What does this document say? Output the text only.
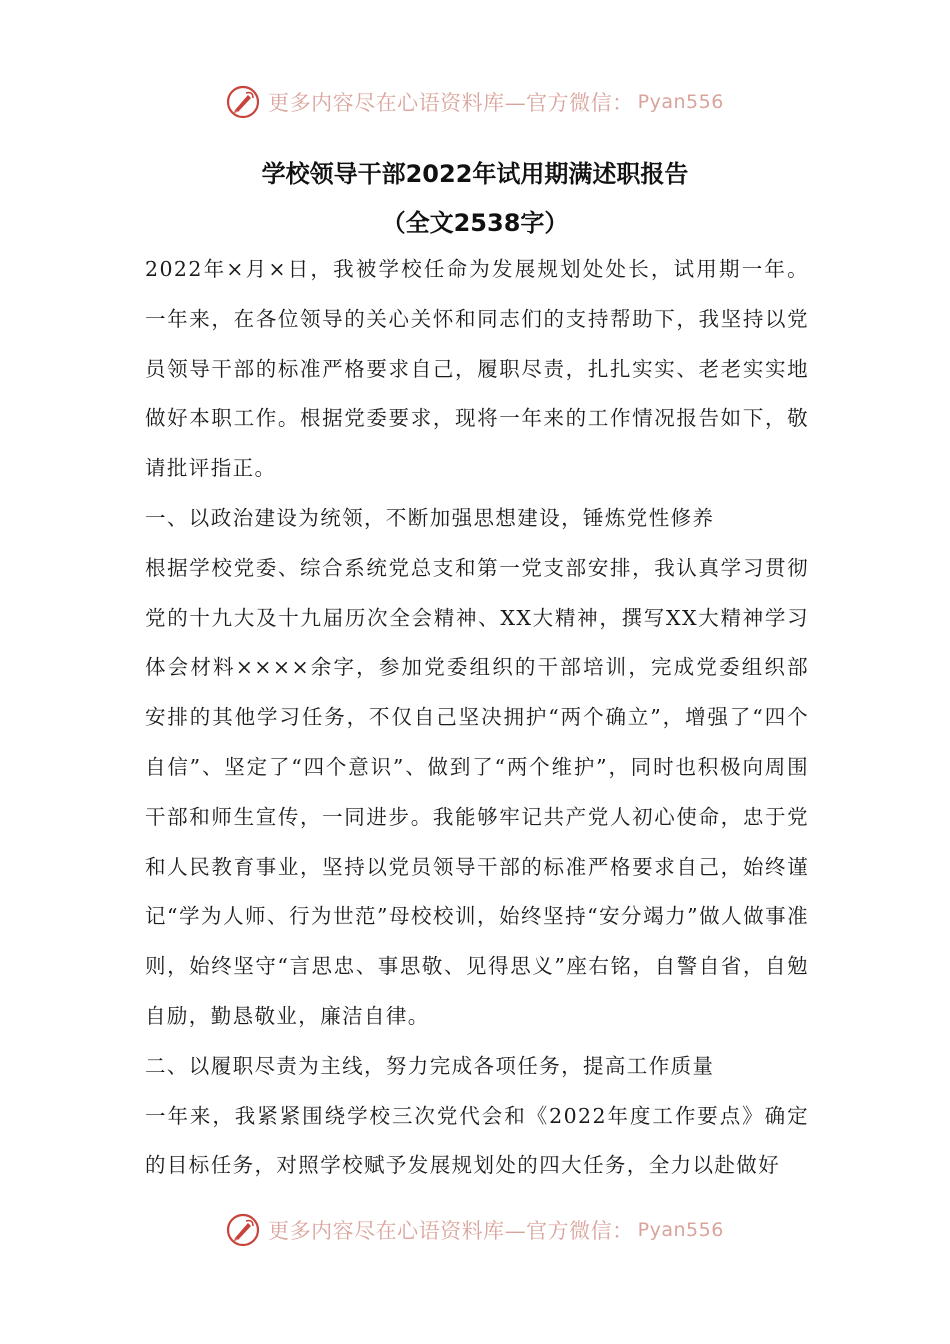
更多内容尽在心语资料库—官方微信： Pyan556
学校领导干部2022年试用期满述职报告
（全文2538字）

2022年×月×日，我被学校任命为发展规划处处长，试用期一年。一年来，在各位领导的关心关怀和同志们的支持帮助下，我坚持以党员领导干部的标准严格要求自己，履职尽责，扎扎实实、老老实实地做好本职工作。根据党委要求，现将一年来的工作情况报告如下，敬请批评指正。

一、以政治建设为统领，不断加强思想建设，锤炼党性修养

根据学校党委、综合系统党总支和第一党支部安排，我认真学习贯彻党的十九大及十九届历次全会精神、XX大精神，撰写XX大精神学习体会材料××××余字，参加党委组织的干部培训，完成党委组织部安排的其他学习任务，不仅自己坚决拥护“两个确立”，增强了“四个自信”、坚定了“四个意识”、做到了“两个维护”，同时也积极向周围干部和师生宣传，一同进步。我能够牢记共产党人初心使命，忠于党和人民教育事业，坚持以党员领导干部的标准严格要求自己，始终谨记“学为人师、行为世范”母校校训，始终坚持“安分竭力”做人做事准则，始终坚守“言思忠、事思敬、见得思义”座右铭，自警自省，自勉自励，勤恳敬业，廉洁自律。

二、以履职尽责为主线，努力完成各项任务，提高工作质量

一年来，我紧紧围绕学校三次党代会和《2022年度工作要点》确定的目标任务，对照学校赋予发展规划处的四大任务，全力以赴做好

更多内容尽在心语资料库—官方微信： Pyan556
